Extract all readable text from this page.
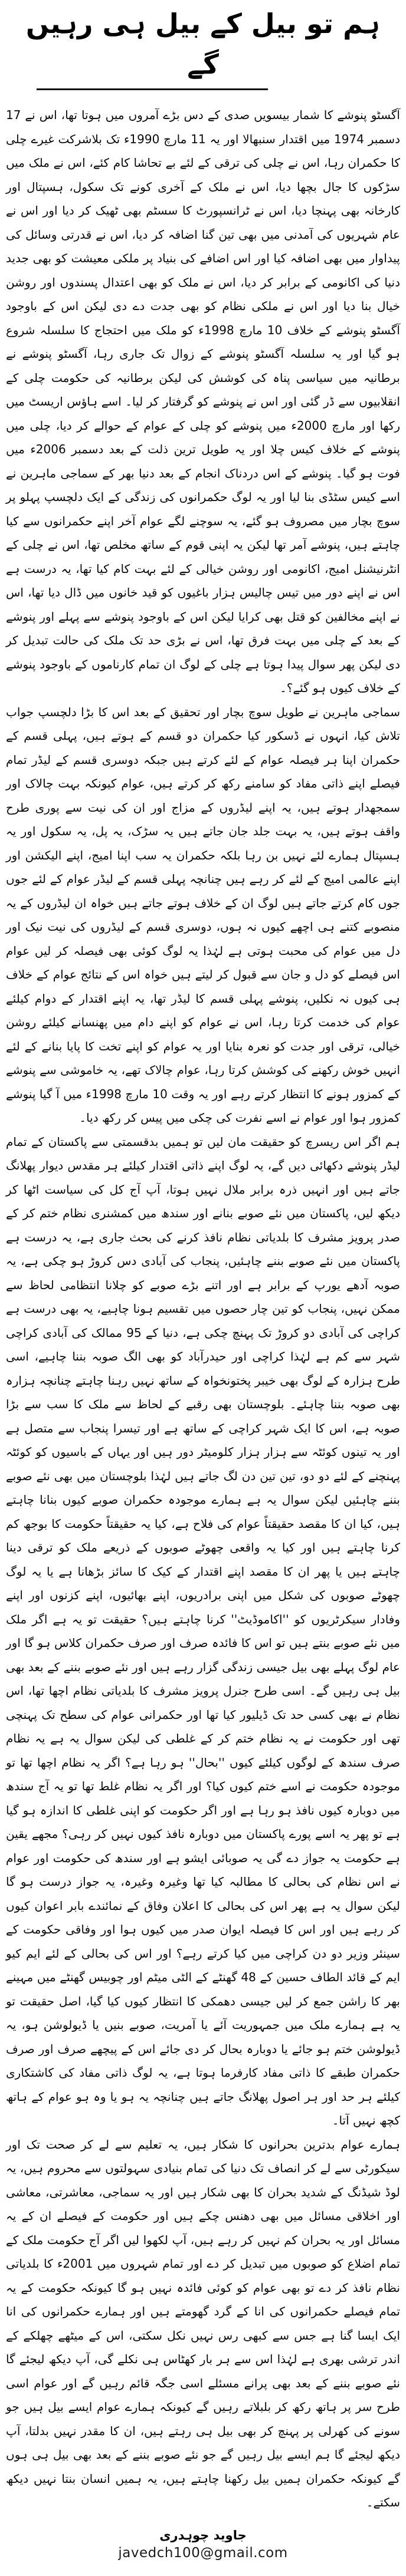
ہم تو بیل کے بیل ہی رہیں گے

آگسٹو پنوشے کا شمار بیسویں صدی کے دس بڑے آمروں میں ہوتا تھا، اس نے 17 دسمبر 1974 میں اقتدار سنبھالا اور یہ 11 مارچ 1990ء تک بلاشرکت غیرے چلی کا حکمران رہا، اس نے چلی کی ترقی کے لئے بے تحاشا کام کئے، اس نے ملک میں سڑکوں کا جال بچھا دیا، اس نے ملک کے آخری کونے تک سکول، ہسپتال اور کارخانہ بھی پہنچا دیا، اس نے ٹرانسپورٹ کا سسٹم بھی ٹھیک کر دیا اور اس نے عام شہریوں کی آمدنی میں بھی تین گنا اضافہ کر دیا، اس نے قدرتی وسائل کی پیداوار میں بھی اضافہ کیا اور اس اضافے کی بنیاد پر ملکی معیشت کو بھی جدید دنیا کی اکانومی کے برابر کر دیا، اس نے ملک کو بھی اعتدال پسندوں اور روشن خیال بنا دیا اور اس نے ملکی نظام کو بھی جدت دے دی لیکن اس کے باوجود آگسٹو پنوشے کے خلاف 10 مارچ 1998ء کو ملک میں احتجاج کا سلسلہ شروع ہو گیا اور یہ سلسلہ آگسٹو پنوشے کے زوال تک جاری رہا، آگسٹو پنوشے نے برطانیہ میں سیاسی پناہ کی کوشش کی لیکن برطانیہ کی حکومت چلی کے انقلابیوں سے ڈر گئی اور اس نے پنوشے کو گرفتار کر لیا۔ اسے ہاؤس اریسٹ میں رکھا اور مارچ 2000ء میں پنوشے کو چلی کے عوام کے حوالے کر دیا، چلی میں پنوشے کے خلاف کیس چلا اور یہ طویل ترین ذلت کے بعد دسمبر 2006ء میں فوت ہو گیا۔ پنوشے کے اس دردناک انجام کے بعد دنیا بھر کے سماجی ماہرین نے اسے کیس سٹڈی بنا لیا اور یہ لوگ حکمرانوں کی زندگی کے ایک دلچسپ پہلو پر سوچ بچار میں مصروف ہو گئے، یہ سوچنے لگے عوام آخر اپنے حکمرانوں سے کیا چاہتے ہیں، پنوشے آمر تھا لیکن یہ اپنی قوم کے ساتھ مخلص تھا، اس نے چلی کے انٹرنیشنل امیج، اکانومی اور روشن خیالی کے لئے بہت کام کیا تھا، یہ درست ہے اس نے اپنے دور میں تیس چالیس ہزار باغیوں کو قید خانوں میں ڈال دیا تھا، اس نے اپنے مخالفین کو قتل بھی کرایا لیکن اس کے باوجود پنوشے سے پہلے اور پنوشے کے بعد کے چلی میں بہت فرق تھا، اس نے بڑی حد تک ملک کی حالت تبدیل کر دی لیکن پھر سوال پیدا ہوتا ہے چلی کے لوگ ان تمام کارناموں کے باوجود پنوشے کے خلاف کیوں ہو گئے؟۔

سماجی ماہرین نے طویل سوچ بچار اور تحقیق کے بعد اس کا بڑا دلچسپ جواب تلاش کیا، انہوں نے ڈسکور کیا حکمران دو قسم کے ہوتے ہیں، پہلی قسم کے حکمران اپنا ہر فیصلہ عوام کے لئے کرتے ہیں جبکہ دوسری قسم کے لیڈر تمام فیصلے اپنے ذاتی مفاد کو سامنے رکھ کر کرتے ہیں، عوام کیونکہ بہت چالاک اور سمجھدار ہوتے ہیں، یہ اپنے لیڈروں کے مزاج اور ان کی نیت سے پوری طرح واقف ہوتے ہیں، یہ بہت جلد جان جاتے ہیں یہ سڑک، یہ پل، یہ سکول اور یہ ہسپتال ہمارے لئے نہیں بن رہا بلکہ حکمران یہ سب اپنا امیج، اپنے الیکشن اور اپنے عالمی امیج کے لئے کر رہے ہیں چنانچہ پہلی قسم کے لیڈر عوام کے لئے جوں جوں کام کرتے جاتے ہیں لوگ ان کے خلاف ہوتے جاتے ہیں خواہ ان لیڈروں کے یہ منصوبے کتنے ہی اچھے کیوں نہ ہوں، دوسری قسم کے لیڈروں کی نیت نیک اور دل میں عوام کی محبت ہوتی ہے لہٰذا یہ لوگ کوئی بھی فیصلہ کر لیں عوام اس فیصلے کو دل و جان سے قبول کر لیتے ہیں خواہ اس کے نتائج عوام کے خلاف ہی کیوں نہ نکلیں، پنوشے پہلی قسم کا لیڈر تھا، یہ اپنے اقتدار کے دوام کیلئے عوام کی خدمت کرتا رہا، اس نے عوام کو اپنے دام میں پھنسانے کیلئے روشن خیالی، ترقی اور جدت کو نعرہ بنایا اور یہ عوام کو اپنے تخت کا پایا بنانے کے لئے انہیں خوش رکھنے کی کوشش کرتا رہا، عوام چالاک تھے، یہ خاموشی سے پنوشے کے کمزور ہونے کا انتظار کرتے رہے اور یہ وقت 10 مارچ 1998ء میں آ گیا پنوشے کمزور ہوا اور عوام نے اسے نفرت کی چکی میں پیس کر رکھ دیا۔

ہم اگر اس ریسرچ کو حقیقت مان لیں تو ہمیں بدقسمتی سے پاکستان کے تمام لیڈر پنوشے دکھائی دیں گے، یہ لوگ اپنے ذاتی اقتدار کیلئے ہر مقدس دیوار پھلانگ جاتے ہیں اور انہیں ذرہ برابر ملال نہیں ہوتا، آپ آج کل کی سیاست اٹھا کر دیکھ لیں، پاکستان میں نئے صوبے بنانے اور سندھ میں کمشنری نظام ختم کر کے صدر پرویز مشرف کا بلدیاتی نظام نافذ کرنے کی بحث جاری ہے، یہ درست ہے پاکستان میں نئے صوبے بننے چاہئیں، پنجاب کی آبادی دس کروڑ ہو چکی ہے، یہ صوبہ آدھے یورپ کے برابر ہے اور اتنے بڑے صوبے کو چلانا انتظامی لحاظ سے ممکن نہیں، پنجاب کو تین چار حصوں میں تقسیم ہونا چاہیے، یہ بھی درست ہے کراچی کی آبادی دو کروڑ تک پہنچ چکی ہے، دنیا کے 95 ممالک کی آبادی کراچی شہر سے کم ہے لہٰذا کراچی اور حیدرآباد کو بھی الگ صوبہ بننا چاہیے، اسی طرح ہزارہ کے لوگ بھی خیبر پختونخواہ کے ساتھ نہیں رہنا چاہتے چنانچہ ہزارہ بھی صوبہ بننا چاہئے۔ بلوچستان بھی رقبے کے لحاظ سے ملک کا سب سے بڑا صوبہ ہے، اس کا ایک شہر کراچی کے ساتھ ہے اور تیسرا پنجاب سے متصل ہے اور یہ تینوں کوئٹہ سے ہزار ہزار کلومیٹر دور ہیں اور یہاں کے باسیوں کو کوئٹہ پہنچنے کے لئے دو دو، تین تین دن لگ جاتے ہیں لہٰذا بلوچستان میں بھی نئے صوبے بننے چاہئیں لیکن سوال یہ ہے ہمارے موجودہ حکمران صوبے کیوں بنانا چاہتے ہیں، کیا ان کا مقصد حقیقتاً عوام کی فلاح ہے، کیا یہ حقیقتاً حکومت کا بوجھ کم کرنا چاہتے ہیں اور کیا یہ واقعی چھوٹے صوبوں کے ذریعے ملک کو ترقی دینا چاہتے ہیں یا پھر ان کا مقصد اپنے اقتدار کے کیک کا سائز بڑھانا ہے یا یہ لوگ چھوٹے صوبوں کی شکل میں اپنی برادریوں، اپنے بھائیوں، اپنے کزنوں اور اپنے وفادار سیکرٹریوں کو ''اکاموڈیٹ'' کرنا چاہتے ہیں؟ حقیقت تو یہ ہے اگر ملک میں نئے صوبے بنتے ہیں تو اس کا فائدہ صرف اور صرف حکمران کلاس ہو گا اور عام لوگ پہلے بھی بیل جیسی زندگی گزار رہے ہیں اور نئے صوبے بننے کے بعد بھی بیل ہی رہیں گے۔ اسی طرح جنرل پرویز مشرف کا بلدیاتی نظام اچھا تھا، اس نظام نے بھی کسی حد تک ڈیلیور کیا تھا اور حکمرانی عوام کی سطح تک پہنچی تھی اور حکومت نے یہ نظام ختم کر کے غلطی کی لیکن سوال یہ ہے یہ نظام صرف سندھ کے لوگوں کیلئے کیوں ''بحال'' ہو رہا ہے؟ اگر یہ نظام اچھا تھا تو موجودہ حکومت نے اسے ختم کیوں کیا؟ اور اگر یہ نظام غلط تھا تو یہ آج سندھ میں دوبارہ کیوں نافذ ہو رہا ہے اور اگر حکومت کو اپنی غلطی کا اندازہ ہو گیا ہے تو پھر یہ اسے پورے پاکستان میں دوبارہ نافذ کیوں نہیں کر رہی؟ مجھے یقین ہے حکومت یہ جواز دے گی یہ صوبائی ایشو ہے اور سندھ کی حکومت اور عوام نے اس نظام کی بحالی کا مطالبہ کیا تھا وغیرہ وغیرہ، یہ جواز درست ہو گا لیکن سوال یہ ہے پھر اس کی بحالی کا اعلان وفاق کے نمائندے بابر اعوان کیوں کر رہے ہیں اور اس کا فیصلہ ایوان صدر میں کیوں ہوا اور وفاقی حکومت کے سینئر وزیر دو دن کراچی میں کیا کرتے رہے؟ اور اس کی بحالی کے لئے ایم کیو ایم کے قائد الطاف حسین کے 48 گھنٹے کے الٹی میٹم اور چوبیس گھنٹے میں مہینے بھر کا راشن جمع کر لیں جیسی دھمکی کا انتظار کیوں کیا گیا، اصل حقیقت تو یہ ہے ہمارے ملک میں جمہوریت آئے یا آمریت، صوبے بنیں یا ڈیولوشن ہو، یہ ڈیولوشن ختم ہو جائے یا دوبارہ بحال کر دی جائے اس کے پیچھے صرف اور صرف حکمران طبقے کا ذاتی مفاد کارفرما ہوتا ہے، یہ لوگ ذاتی مفاد کی کاشتکاری کیلئے ہر حد اور ہر اصول پھلانگ جاتے ہیں چنانچہ یہ ہو یا وہ ہو عوام کے ہاتھ کچھ نہیں آتا۔

ہمارے عوام بدترین بحرانوں کا شکار ہیں، یہ تعلیم سے لے کر صحت تک اور سیکورٹی سے لے کر انصاف تک دنیا کی تمام بنیادی سہولتوں سے محروم ہیں، یہ لوڈ شیڈنگ کے شدید بحران کا بھی شکار ہیں اور یہ سماجی، معاشرتی، معاشی اور اخلاقی مسائل میں بھی دھنس چکے ہیں اور حکومت کے فیصلے ان کے یہ مسائل اور یہ بحران کم نہیں کر رہے ہیں، آپ لکھوا لیں اگر آج حکومت ملک کے تمام اضلاع کو صوبوں میں تبدیل کر دے اور تمام شہروں میں 2001ء کا بلدیاتی نظام نافذ کر دے تو بھی عوام کو کوئی فائدہ نہیں ہو گا کیونکہ حکومت کے یہ تمام فیصلے حکمرانوں کی انا کے گرد گھومتے ہیں اور ہمارے حکمرانوں کی انا ایک ایسا گنا ہے جس سے کبھی رس نہیں نکل سکتی، اس کے میٹھے چھلکے کے اندر ترشی بھری ہے لہٰذا اس سے ہر بار کھٹاس ہی نکلے گی، آپ دیکھ لیجئے گا نئے صوبے بننے کے بعد بھی پرانے مسئلے اسی جگہ قائم رہیں گے اور عوام اسی طرح سر پر ہاتھ رکھ کر بلبلاتے رہیں گے کیونکہ ہمارے عوام ایسے بیل ہیں جو سونے کی کھرلی پر پہنچ کر بھی بیل ہی رہتے ہیں، ان کا مقدر نہیں بدلتا، آپ دیکھ لیجئے گا ہم ایسے بیل رہیں گے جو نئے صوبے بننے کے بعد بھی بیل ہی ہوں گے کیونکہ حکمران ہمیں بیل رکھنا چاہتے ہیں، یہ ہمیں انسان بنتا نہیں دیکھ سکتے۔

جاوید چوہدری
javedch100@gmail.com
